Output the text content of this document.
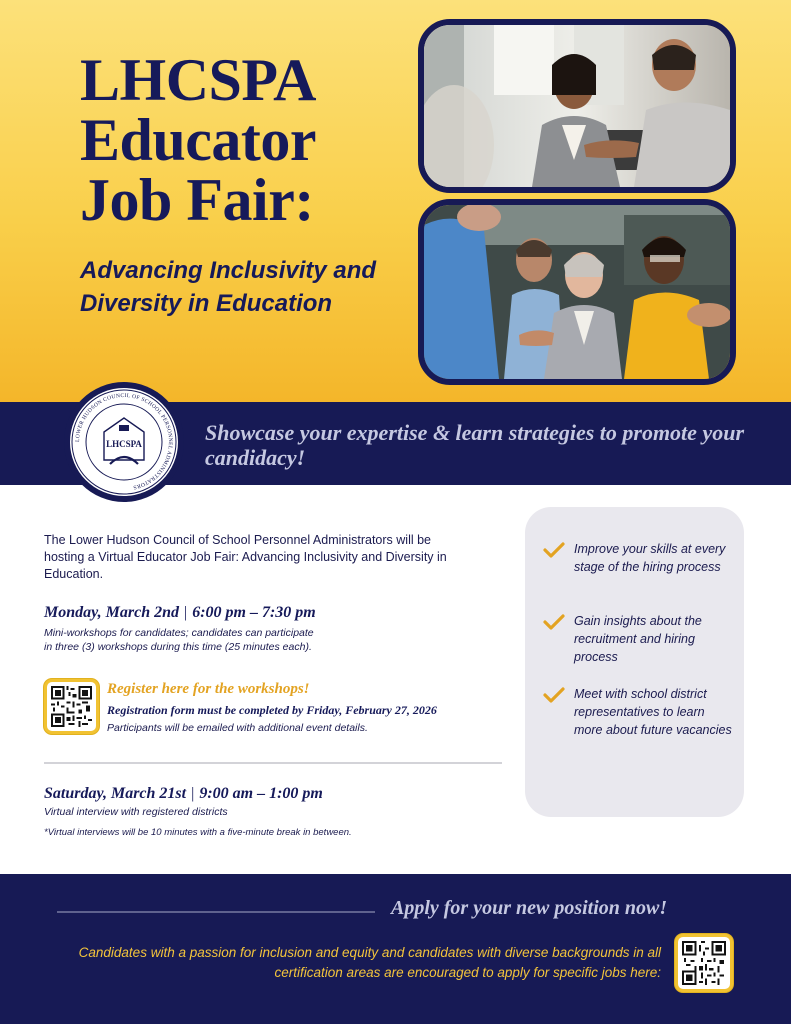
LHCSPA
Educator
Job Fair:
Advancing Inclusivity and Diversity in Education
Showcase your expertise & learn strategies to promote your candidacy!
LOWER HUDSON COUNCIL OF SCHOOL PERSONNEL ADMINISTRATORS
LHCSPA

The Lower Hudson Council of School Personnel Administrators will be hosting a Virtual Educator Job Fair: Advancing Inclusivity and Diversity in Education.

Monday, March 2nd | 6:00 pm – 7:30 pm
Mini-workshops for candidates; candidates can participate
in three (3) workshops during this time (25 minutes each).
Register here for the workshops!
Registration form must be completed by Friday, February 27, 2026
Participants will be emailed with additional event details.
Saturday, March 21st | 9:00 am – 1:00 pm
Virtual interview with registered districts
*Virtual interviews will be 10 minutes with a five-minute break in between.
Improve your skills at every stage of the hiring process
Gain insights about the recruitment and hiring process
Meet with school district representatives to learn more about future vacancies
Apply for your new position now!

Candidates with a passion for inclusion and equity and candidates with diverse backgrounds in all certification areas are encouraged to apply for specific jobs here:
